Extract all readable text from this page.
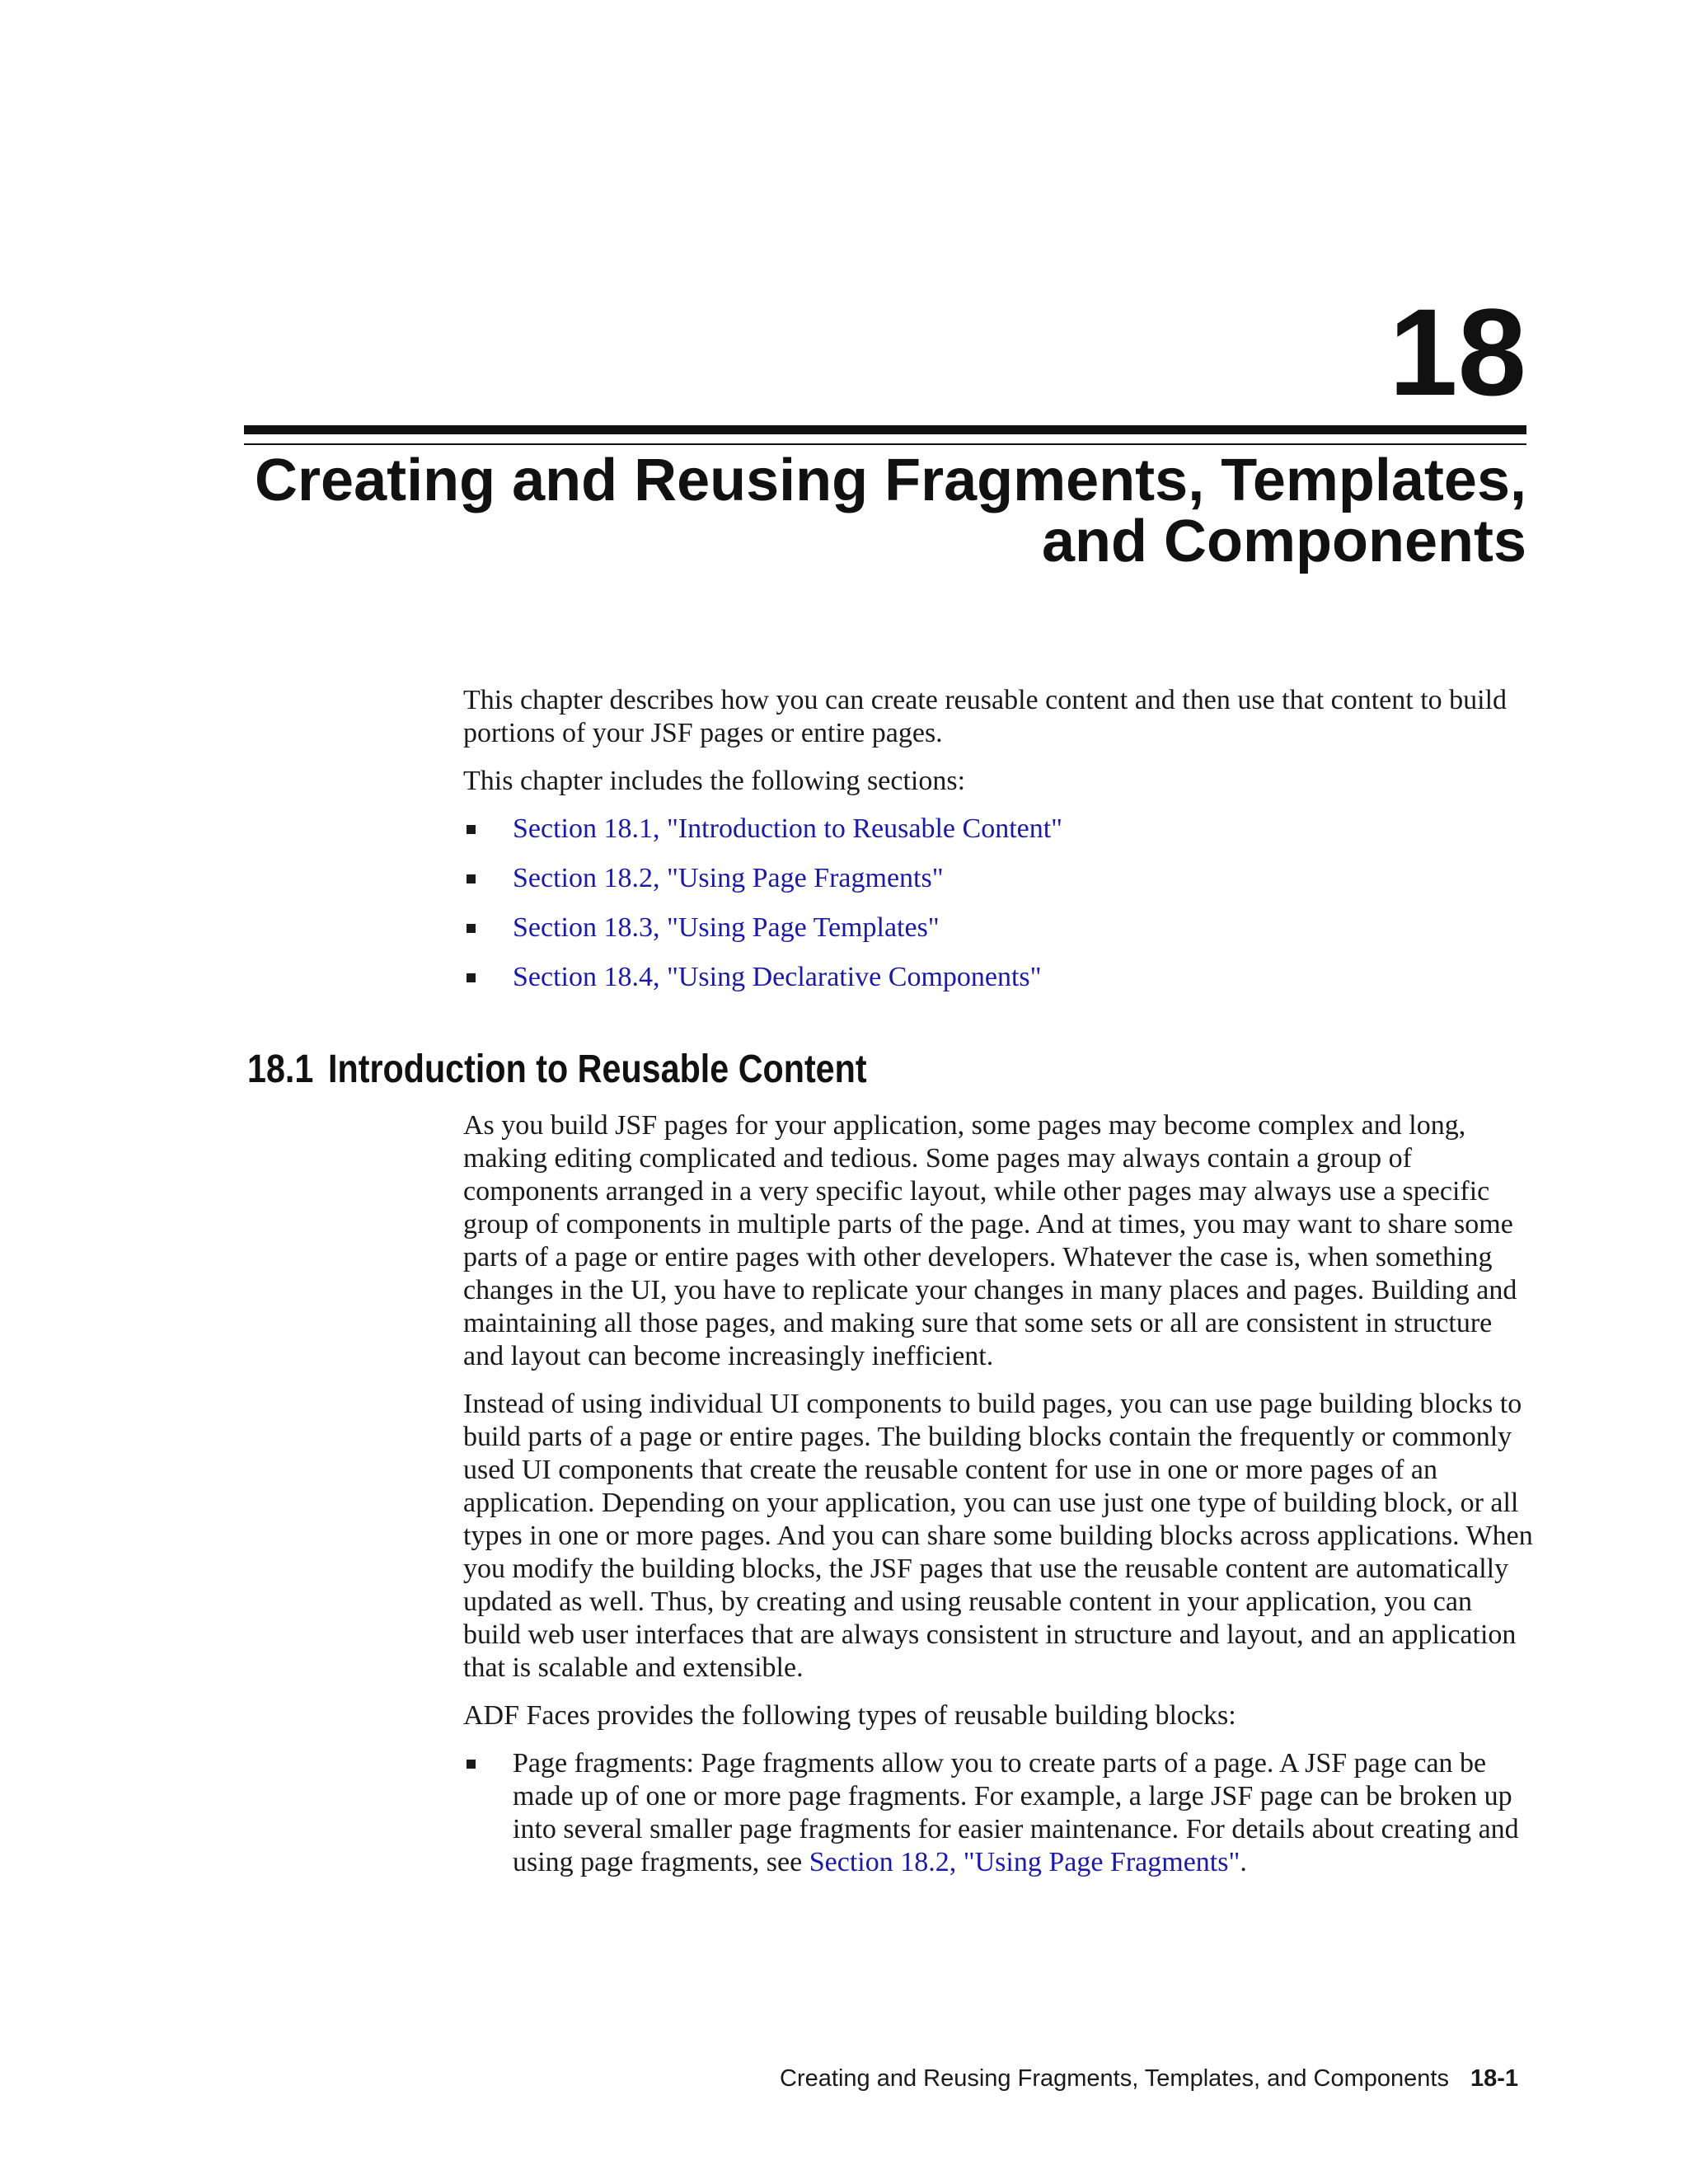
18
Creating and Reusing Fragments, Templates,
and Components

This chapter describes how you can create reusable content and then use that content to build portions of your JSF pages or entire pages.

This chapter includes the following sections:

Section 18.1, "Introduction to Reusable Content"
Section 18.2, "Using Page Fragments"
Section 18.3, "Using Page Templates"
Section 18.4, "Using Declarative Components"
18.1 Introduction to Reusable Content

As you build JSF pages for your application, some pages may become complex and long, making editing complicated and tedious. Some pages may always contain a group of components arranged in a very specific layout, while other pages may always use a specific group of components in multiple parts of the page. And at times, you may want to share some parts of a page or entire pages with other developers. Whatever the case is, when something changes in the UI, you have to replicate your changes in many places and pages. Building and maintaining all those pages, and making sure that some sets or all are consistent in structure and layout can become increasingly inefficient.

Instead of using individual UI components to build pages, you can use page building blocks to build parts of a page or entire pages. The building blocks contain the frequently or commonly used UI components that create the reusable content for use in one or more pages of an application. Depending on your application, you can use just one type of building block, or all types in one or more pages. And you can share some building blocks across applications. When you modify the building blocks, the JSF pages that use the reusable content are automatically updated as well. Thus, by creating and using reusable content in your application, you can build web user interfaces that are always consistent in structure and layout, and an application that is scalable and extensible.

ADF Faces provides the following types of reusable building blocks:

Page fragments: Page fragments allow you to create parts of a page. A JSF page can be made up of one or more page fragments. For example, a large JSF page can be broken up into several smaller page fragments for easier maintenance. For details about creating and using page fragments, see Section 18.2, "Using Page Fragments".
Creating and Reusing Fragments, Templates, and Components 18-1
